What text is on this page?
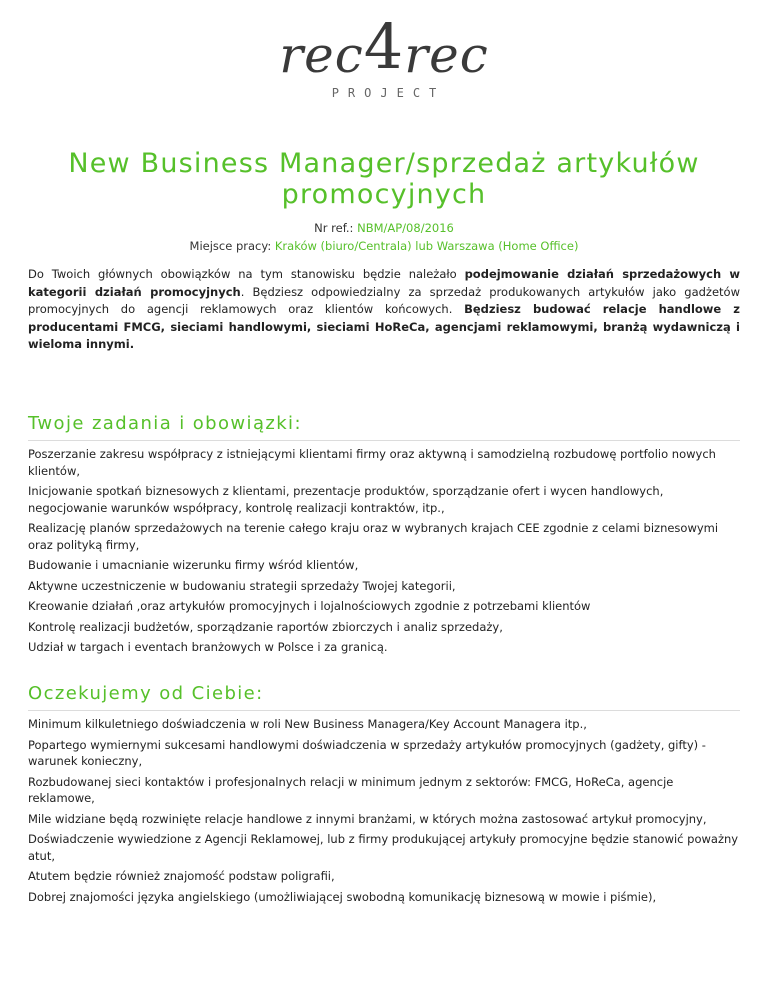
rec4rec
PROJECT
New Business Manager/sprzedaż artykułów promocyjnych
Nr ref.: NBM/AP/08/2016
Miejsce pracy: Kraków (biuro/Centrala) lub Warszawa (Home Office)

Do Twoich głównych obowiązków na tym stanowisku będzie należało podejmowanie działań sprzedażowych w kategorii działań promocyjnych. Będziesz odpowiedzialny za sprzedaż produkowanych artykułów jako gadżetów promocyjnych do agencji reklamowych oraz klientów końcowych. Będziesz budować relacje handlowe z producentami FMCG, sieciami handlowymi, sieciami HoReCa, agencjami reklamowymi, branżą wydawniczą i wieloma innymi.

Twoje zadania i obowiązki:
Poszerzanie zakresu współpracy z istniejącymi klientami firmy oraz aktywną i samodzielną rozbudowę portfolio nowych klientów,
Inicjowanie spotkań biznesowych z klientami, prezentacje produktów, sporządzanie ofert i wycen handlowych, negocjowanie warunków współpracy, kontrolę realizacji kontraktów, itp.,
Realizację planów sprzedażowych na terenie całego kraju oraz w wybranych krajach CEE zgodnie z celami biznesowymi oraz polityką firmy,
Budowanie i umacnianie wizerunku firmy wśród klientów,
Aktywne uczestniczenie w budowaniu strategii sprzedaży Twojej kategorii,
Kreowanie działań ,oraz artykułów promocyjnych i lojalnościowych zgodnie z potrzebami klientów
Kontrolę realizacji budżetów, sporządzanie raportów zbiorczych i analiz sprzedaży,
Udział w targach i eventach branżowych w Polsce i za granicą.
Oczekujemy od Ciebie:
Minimum kilkuletniego doświadczenia w roli New Business Managera/Key Account Managera itp.,
Popartego wymiernymi sukcesami handlowymi doświadczenia w sprzedaży artykułów promocyjnych (gadżety, gifty) - warunek konieczny,
Rozbudowanej sieci kontaktów i profesjonalnych relacji w minimum jednym z sektorów: FMCG, HoReCa, agencje reklamowe,
Mile widziane będą rozwinięte relacje handlowe z innymi branżami, w których można zastosować artykuł promocyjny,
Doświadczenie wywiedzione z Agencji Reklamowej, lub z firmy produkującej artykuły promocyjne będzie stanowić poważny atut,
Atutem będzie również znajomość podstaw poligrafii,
Dobrej znajomości języka angielskiego (umożliwiającej swobodną komunikację biznesową w mowie i piśmie),
